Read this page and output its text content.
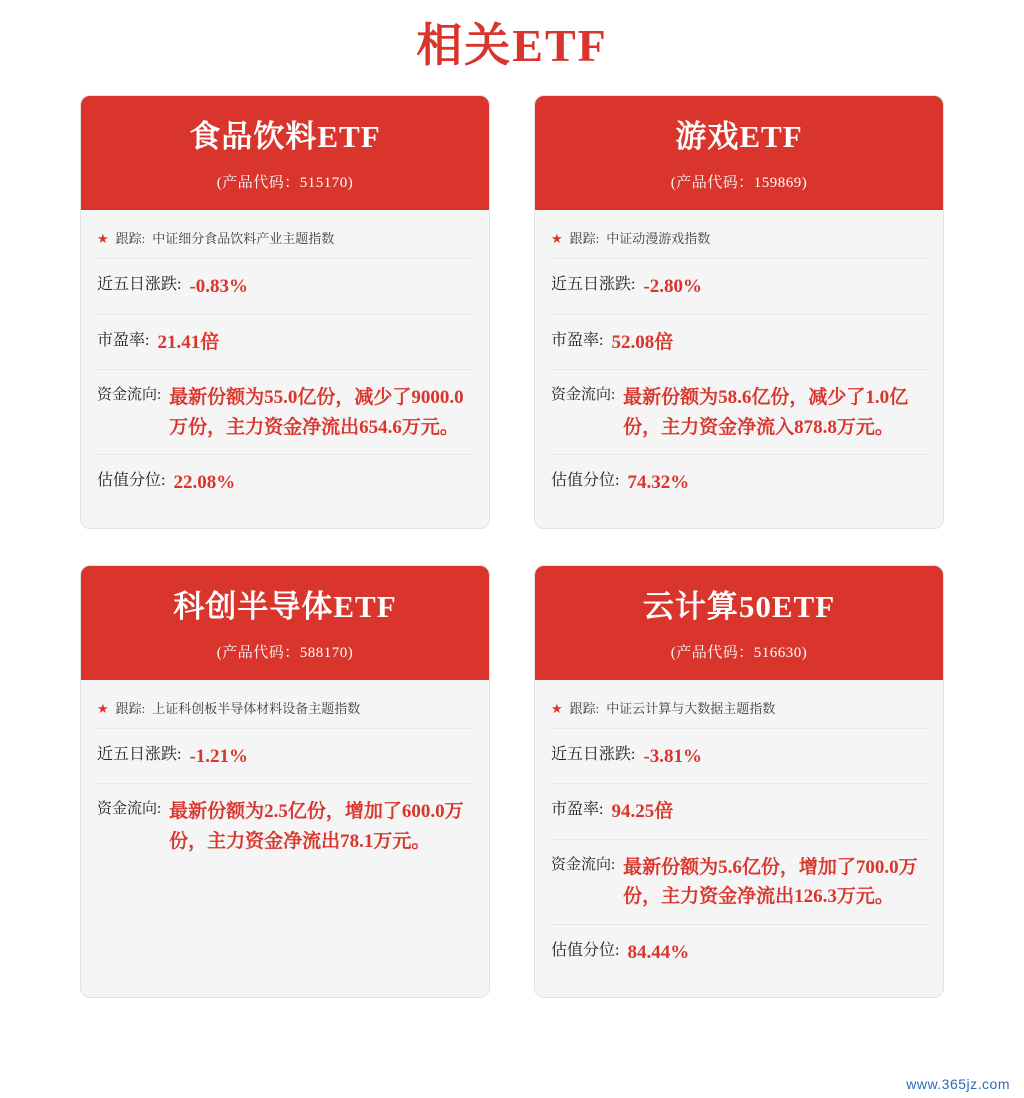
相关ETF
食品饮料ETF
(产品代码：515170)
★ 跟踪: 中证细分食品饮料产业主题指数
近五日涨跌: -0.83%
市盈率: 21.41倍
资金流向: 最新份额为55.0亿份，减少了9000.0万份，主力资金净流出654.6万元。
估值分位: 22.08%
游戏ETF
(产品代码：159869)
★ 跟踪: 中证动漫游戏指数
近五日涨跌: -2.80%
市盈率: 52.08倍
资金流向: 最新份额为58.6亿份，减少了1.0亿份，主力资金净流入878.8万元。
估值分位: 74.32%
科创半导体ETF
(产品代码：588170)
★ 跟踪: 上证科创板半导体材料设备主题指数
近五日涨跌: -1.21%
资金流向: 最新份额为2.5亿份，增加了600.0万份，主力资金净流出78.1万元。
云计算50ETF
(产品代码：516630)
★ 跟踪: 中证云计算与大数据主题指数
近五日涨跌: -3.81%
市盈率: 94.25倍
资金流向: 最新份额为5.6亿份，增加了700.0万份，主力资金净流出126.3万元。
估值分位: 84.44%
www.365jz.com
